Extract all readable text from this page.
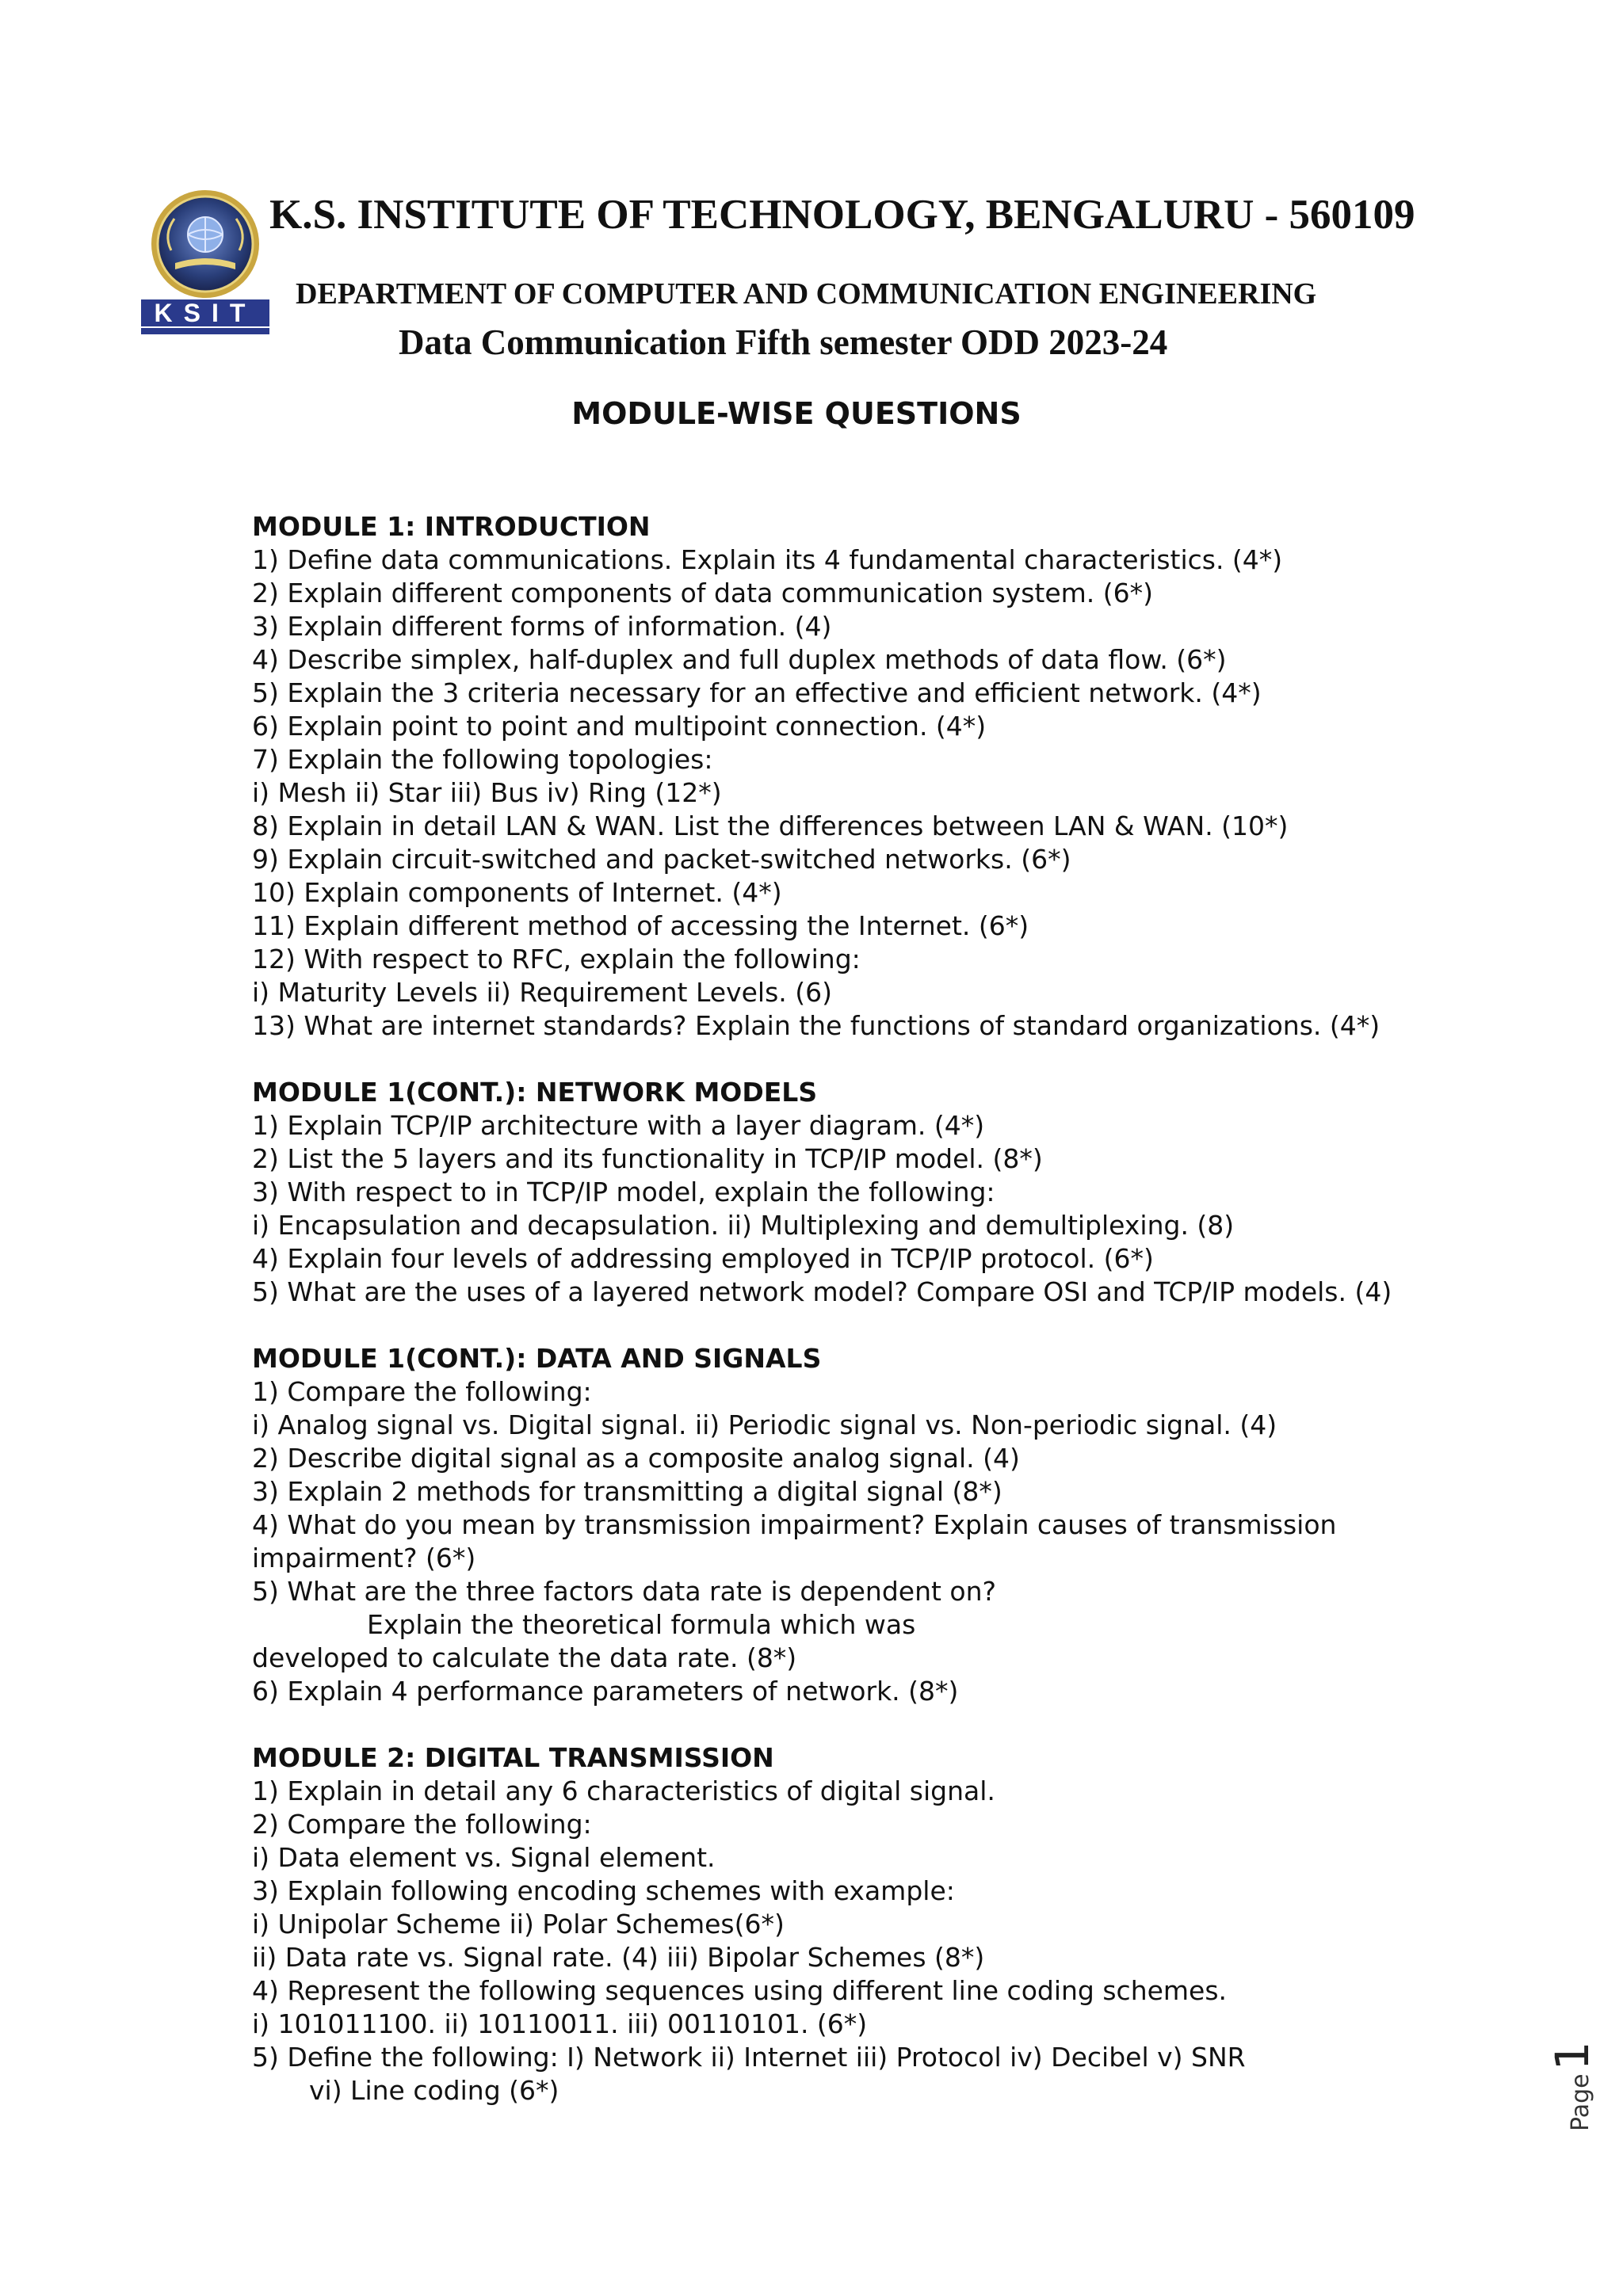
KSIT
K.S. INSTITUTE OF TECHNOLOGY, BENGALURU - 560109
DEPARTMENT OF COMPUTER AND COMMUNICATION ENGINEERING
Data Communication Fifth semester ODD 2023-24
MODULE-WISE QUESTIONS
MODULE 1: INTRODUCTION
1) Define data communications. Explain its 4 fundamental characteristics. (4*)
2) Explain different components of data communication system. (6*)
3) Explain different forms of information. (4)
4) Describe simplex, half-duplex and full duplex methods of data flow. (6*)
5) Explain the 3 criteria necessary for an effective and efficient network. (4*)
6) Explain point to point and multipoint connection. (4*)
7) Explain the following topologies:
i) Mesh ii) Star iii) Bus iv) Ring (12*)
8) Explain in detail LAN & WAN. List the differences between LAN & WAN. (10*)
9) Explain circuit-switched and packet-switched networks. (6*)
10) Explain components of Internet. (4*)
11) Explain different method of accessing the Internet. (6*)
12) With respect to RFC, explain the following:
i) Maturity Levels ii) Requirement Levels. (6)
13) What are internet standards? Explain the functions of standard organizations. (4*)
MODULE 1(CONT.): NETWORK MODELS
1) Explain TCP/IP architecture with a layer diagram. (4*)
2) List the 5 layers and its functionality in TCP/IP model. (8*)
3) With respect to in TCP/IP model, explain the following:
i) Encapsulation and decapsulation. ii) Multiplexing and demultiplexing. (8)
4) Explain four levels of addressing employed in TCP/IP protocol. (6*)
5) What are the uses of a layered network model? Compare OSI and TCP/IP models. (4)
MODULE 1(CONT.): DATA AND SIGNALS
1) Compare the following:
i) Analog signal vs. Digital signal. ii) Periodic signal vs. Non-periodic signal. (4)
2) Describe digital signal as a composite analog signal. (4)
3) Explain 2 methods for transmitting a digital signal (8*)
4) What do you mean by transmission impairment? Explain causes of transmission
impairment? (6*)
5) What are the three factors data rate is dependent on?
Explain the theoretical formula which was
developed to calculate the data rate. (8*)
6) Explain 4 performance parameters of network. (8*)
MODULE 2: DIGITAL TRANSMISSION
1) Explain in detail any 6 characteristics of digital signal.
2) Compare the following:
i) Data element vs. Signal element.
3) Explain following encoding schemes with example:
i) Unipolar Scheme ii) Polar Schemes(6*)
ii) Data rate vs. Signal rate. (4) iii) Bipolar Schemes (8*)
4) Represent the following sequences using different line coding schemes.
i) 101011100. ii) 10110011. iii) 00110101. (6*)
5) Define the following: I) Network ii) Internet iii) Protocol iv) Decibel v) SNR
vi) Line coding (6*)	Page1
